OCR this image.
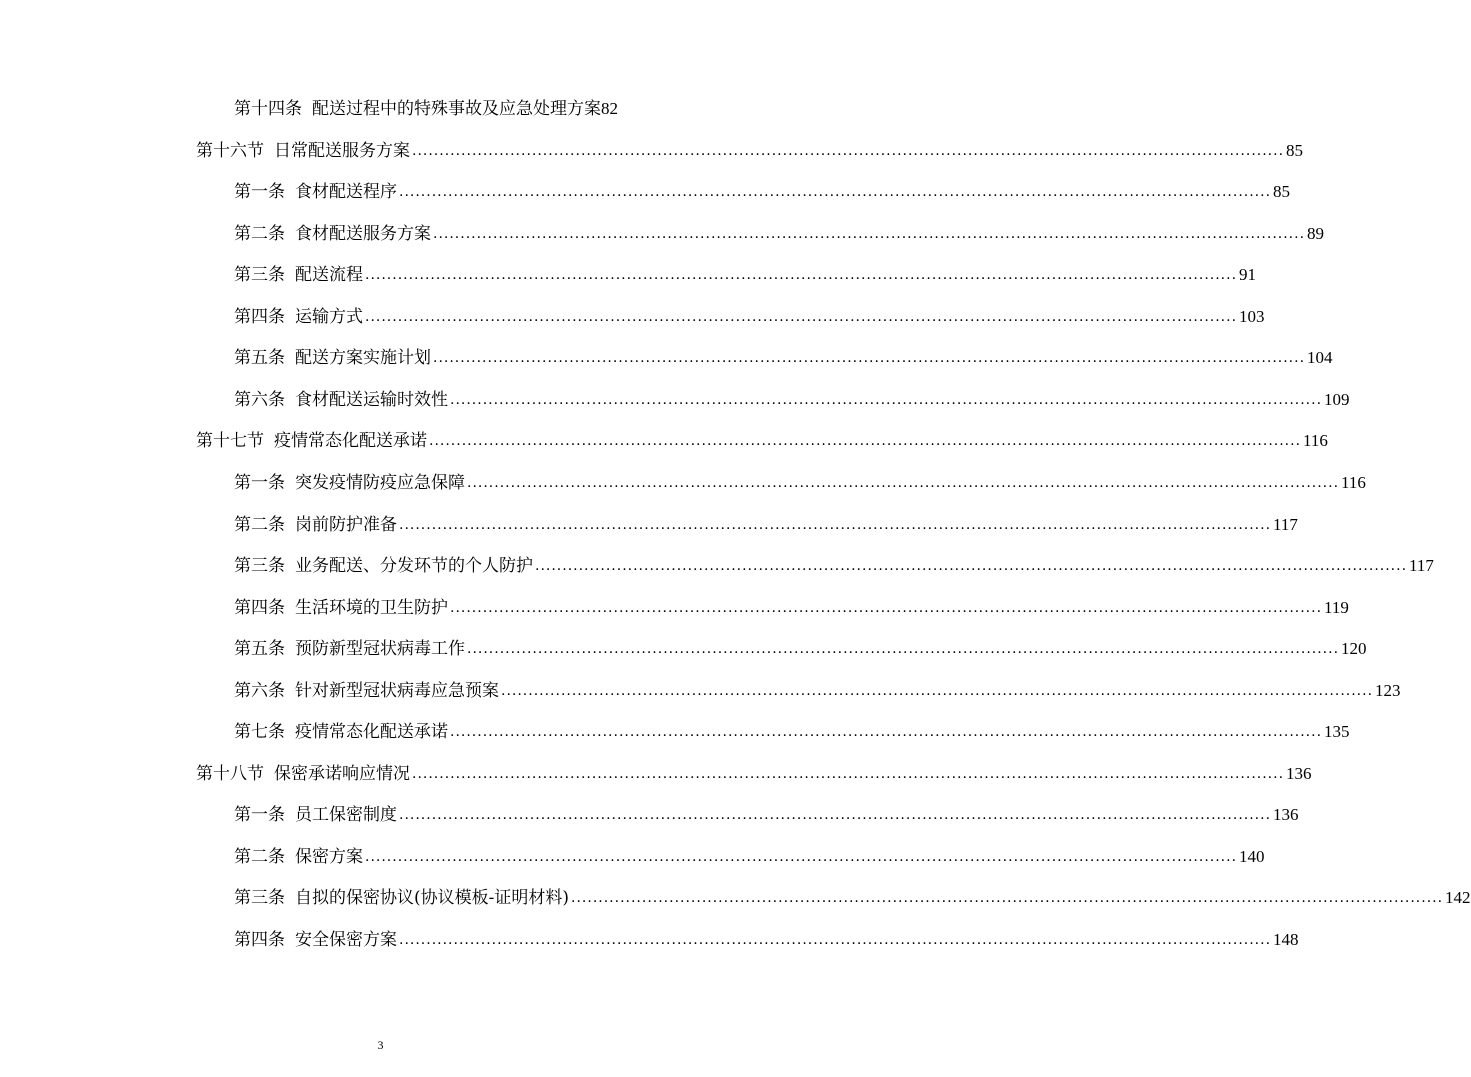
第十四条 配送过程中的特殊事故及应急处理方案 82
第十六节 日常配送服务方案 ................................................................................................................................................................ 85
第一条 食材配送程序 ................................................................................................................................................................ 85
第二条 食材配送服务方案 ................................................................................................................................................................ 89
第三条 配送流程 ................................................................................................................................................................ 91
第四条 运输方式 ................................................................................................................................................................ 103
第五条 配送方案实施计划 ................................................................................................................................................................ 104
第六条 食材配送运输时效性 ................................................................................................................................................................ 109
第十七节 疫情常态化配送承诺 ................................................................................................................................................................ 116
第一条 突发疫情防疫应急保障 ................................................................................................................................................................ 116
第二条 岗前防护准备 ................................................................................................................................................................ 117
第三条 业务配送、分发环节的个人防护 ................................................................................................................................................................ 117
第四条 生活环境的卫生防护 ................................................................................................................................................................ 119
第五条 预防新型冠状病毒工作 ................................................................................................................................................................ 120
第六条 针对新型冠状病毒应急预案 ................................................................................................................................................................ 123
第七条 疫情常态化配送承诺 ................................................................................................................................................................ 135
第十八节 保密承诺响应情况 ................................................................................................................................................................ 136
第一条 员工保密制度 ................................................................................................................................................................ 136
第二条 保密方案 ................................................................................................................................................................ 140
第三条 自拟的保密协议(协议模板-证明材料) ................................................................................................................................................................ 142
第四条 安全保密方案 ................................................................................................................................................................ 148
3
